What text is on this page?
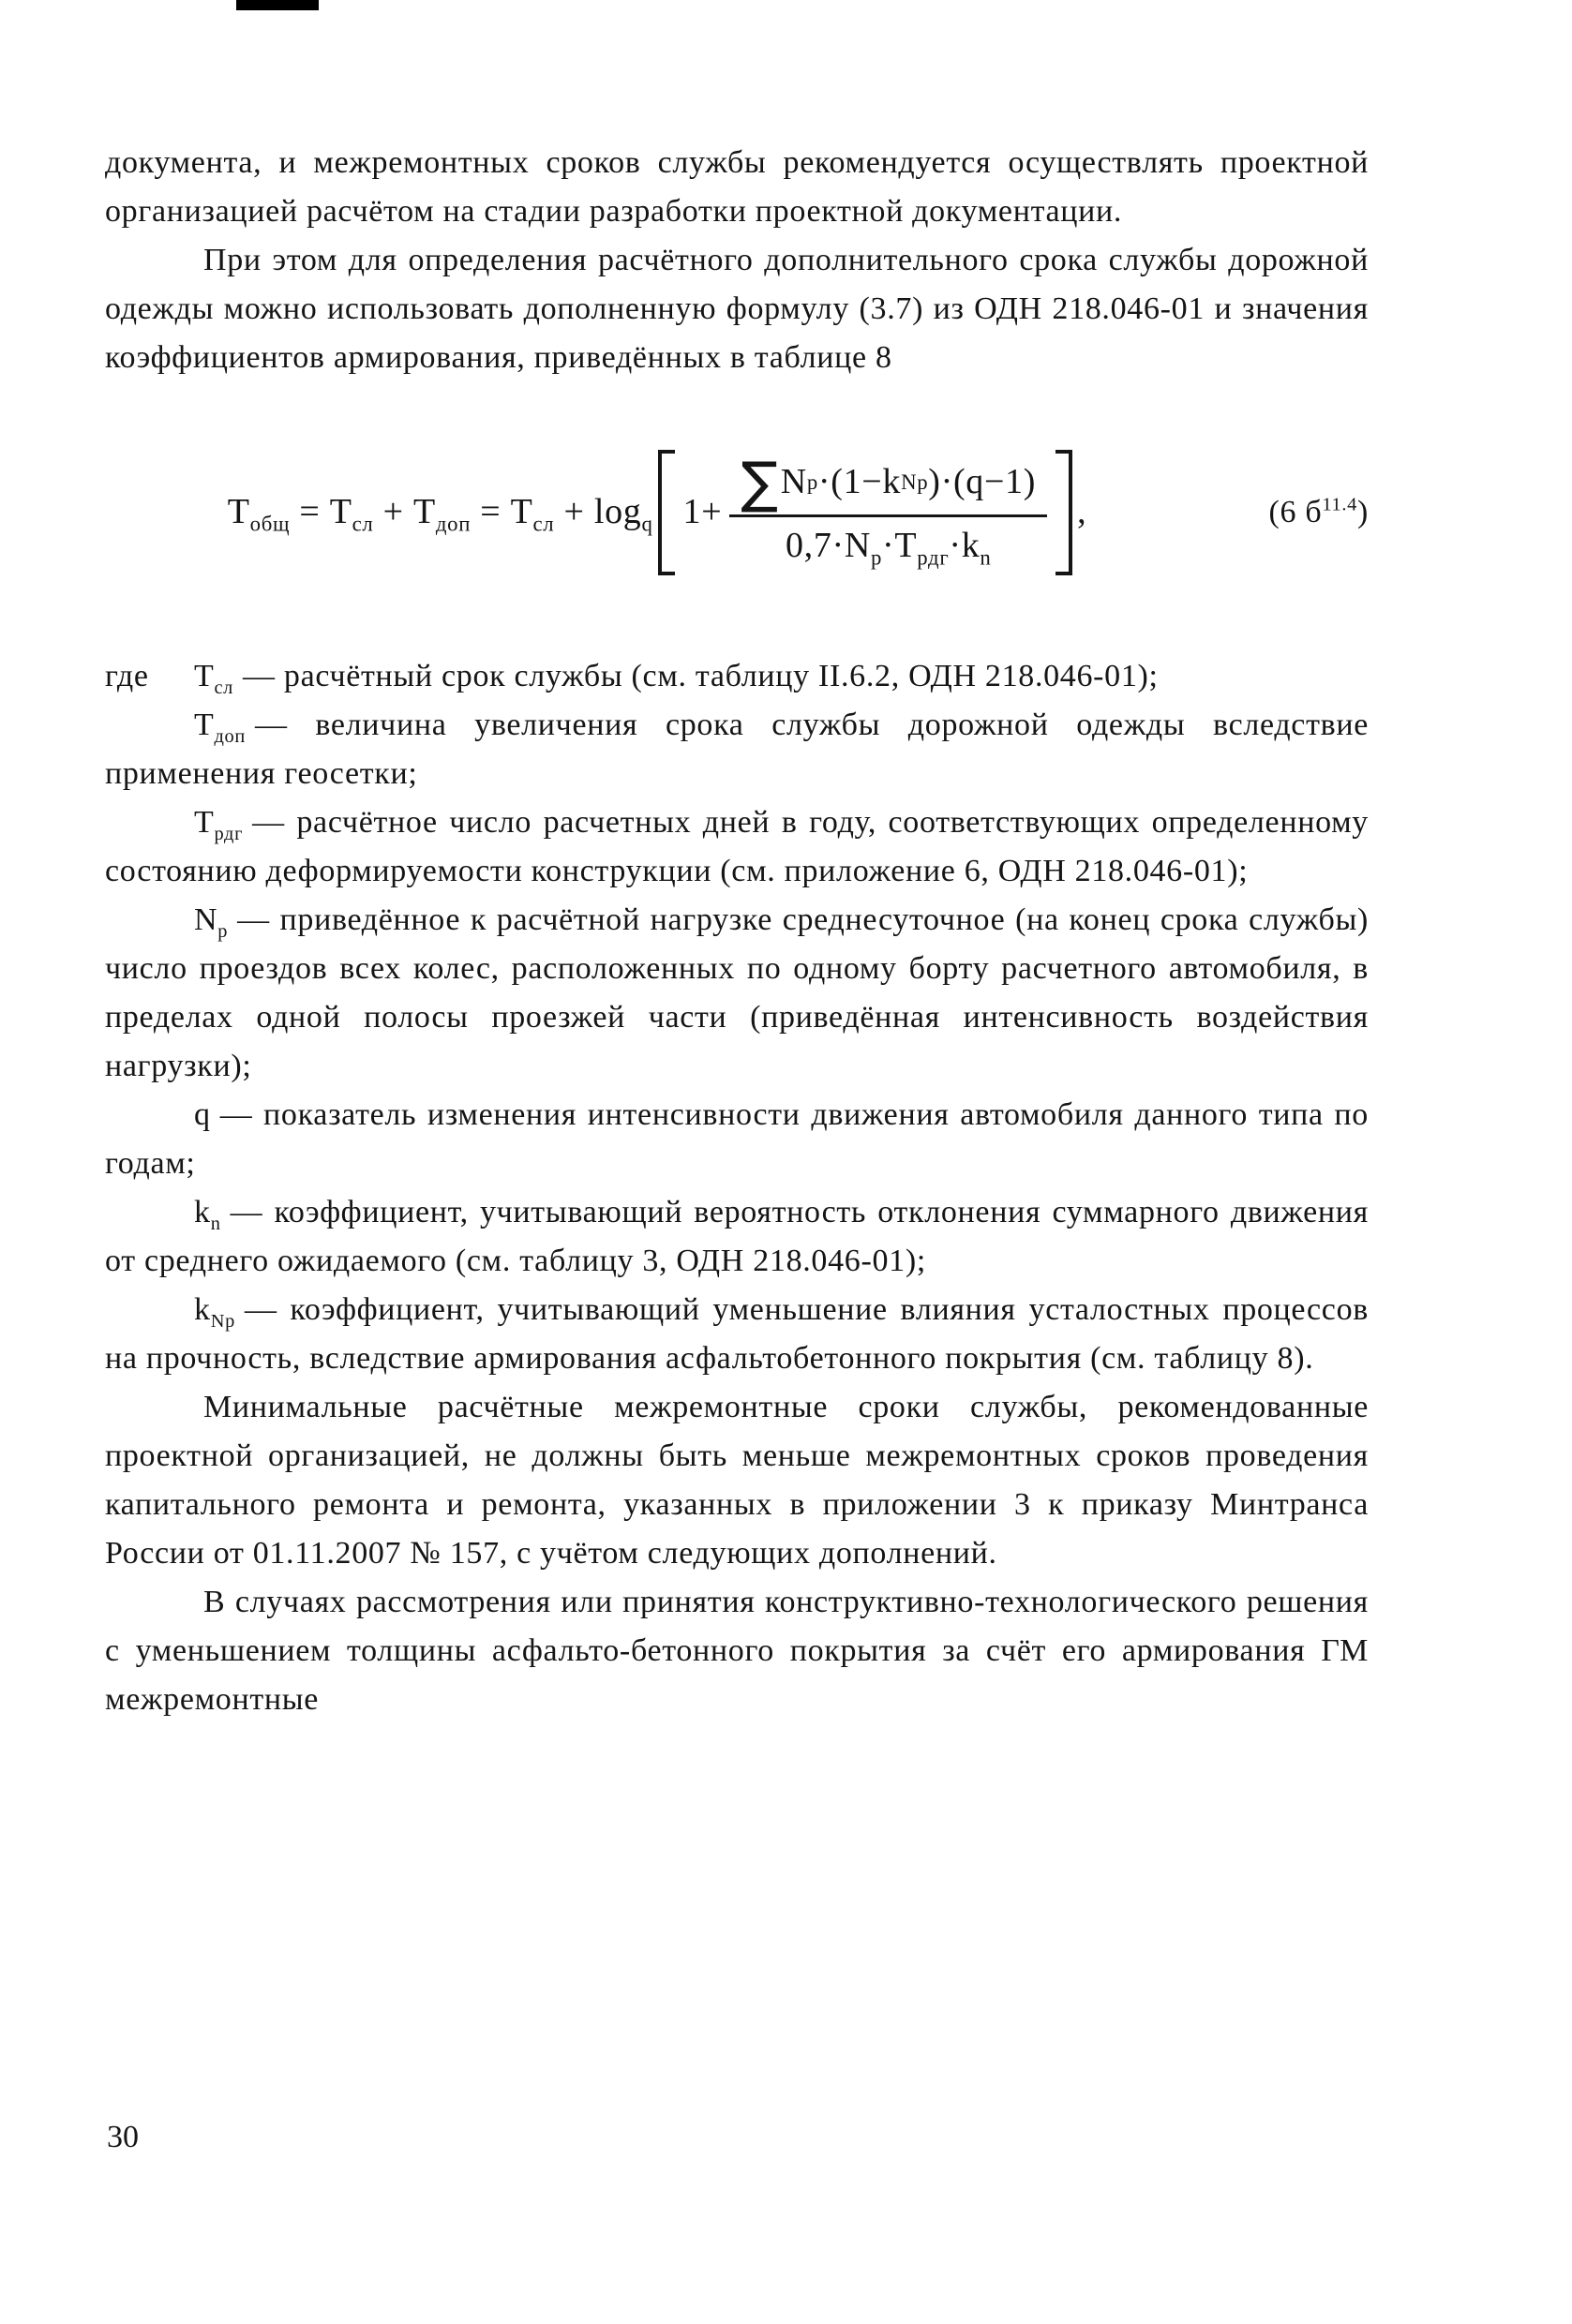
документа, и межремонтных сроков службы рекомендуется осуществлять проектной организацией расчётом на стадии разработки проектной документации.

При этом для определения расчётного дополнительного срока службы дорожной одежды можно использовать дополненную формулу (3.7) из ОДН 218.046-01 и значения коэффициентов армирования, приведённых в таблице 8

$Т_{общ} = Т_{сл} + Т_{доп} = Т_{сл} + \log_q 1+ \frac{\text{∑ N р ·(1−k Nр )·(q−1)}}{0,7\cdot N_р\cdot Т_{рдг}\cdot k_n}$ ,	(6 $б^{11.4}$)

где $Т_{сл}$ — расчётный срок службы (см. таблицу II.6.2, ОДН 218.046-01);

$Т_{доп}$ — величина увеличения срока службы дорожной одежды вследствие применения геосетки;

$Т_{рдг}$ — расчётное число расчетных дней в году, соответствующих определенному состоянию деформируемости конструкции (см. приложение 6, ОДН 218.046-01);

$N_р$ — приведённое к расчётной нагрузке среднесуточное (на конец срока службы) число проездов всех колес, расположенных по одному борту расчетного автомобиля, в пределах одной полосы проезжей части (приведённая интенсивность воздействия нагрузки);

q — показатель изменения интенсивности движения автомобиля данного типа по годам;

$k_n$ — коэффициент, учитывающий вероятность отклонения суммарного движения от среднего ожидаемого (см. таблицу 3, ОДН 218.046-01);

$k_{Nр}$ — коэффициент, учитывающий уменьшение влияния усталостных процессов на прочность, вследствие армирования асфальтобетонного покрытия (см. таблицу 8).

Минимальные расчётные межремонтные сроки службы, рекомендованные проектной организацией, не должны быть меньше межремонтных сроков проведения капитального ремонта и ремонта, указанных в приложении 3 к приказу Минтранса России от 01.11.2007 № 157, с учётом следующих дополнений.

В случаях рассмотрения или принятия конструктивно-технологического решения с уменьшением толщины асфальто-бетонного покрытия за счёт его армирования ГМ межремонтные

30
